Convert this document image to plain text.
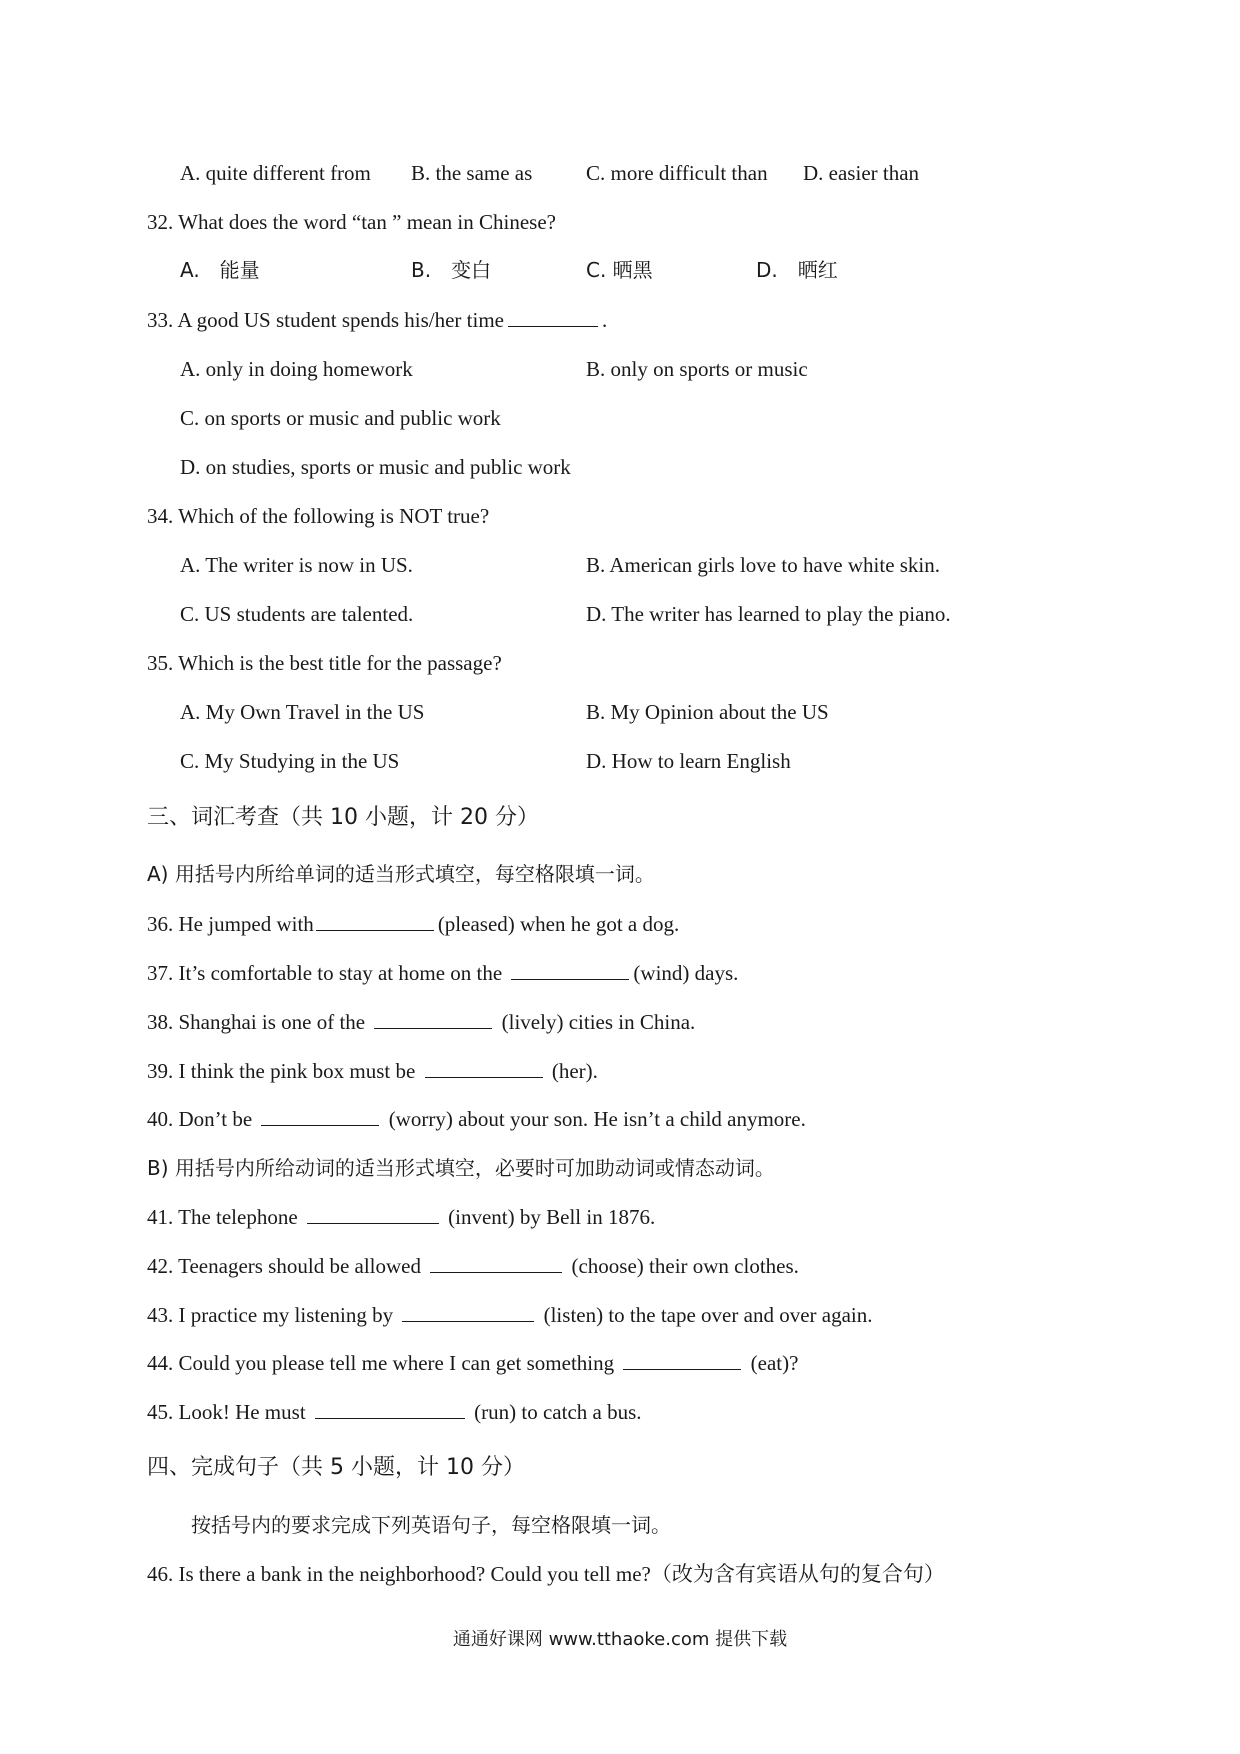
A. quite different from B. the same as	C. more difficult than D. easier than
32. What does the word “tan ” mean in Chinese?
A.　能量	B.　变白	C. 晒黑	D.　晒红
33. A good US student spends his/her time	.
A. only in doing homework	B. only on sports or music
C. on sports or music and public work
D. on studies, sports or music and public work
34. Which of the following is NOT true?
A. The writer is now in US.	B. American girls love to have white skin.
C. US students are talented.	D. The writer has learned to play the piano.
35. Which is the best title for the passage?
A. My Own Travel in the US	B. My Opinion about the US
C. My Studying in the US	D. How to learn English
三、词汇考查（共 10 小题，计 20 分）
A) 用括号内所给单词的适当形式填空，每空格限填一词。
36. He jumped with	(pleased) when he got a dog.
37. It’s comfortable to stay at home on the	(wind) days.
38. Shanghai is one of the	(lively) cities in China.
39. I think the pink box must be	(her).
40. Don’t be	(worry) about your son. He isn’t a child anymore.
B) 用括号内所给动词的适当形式填空，必要时可加助动词或情态动词。
41. The telephone	(invent) by Bell in 1876.
42. Teenagers should be allowed	(choose) their own clothes.
43. I practice my listening by	(listen) to the tape over and over again.
44. Could you please tell me where I can get something	(eat)?
45. Look! He must	(run) to catch a bus.
四、完成句子（共 5 小题，计 10 分）
按括号内的要求完成下列英语句子，每空格限填一词。
46. Is there a bank in the neighborhood? Could you tell me?（改为含有宾语从句的复合句）
通通好课网 www.tthaoke.com 提供下载
